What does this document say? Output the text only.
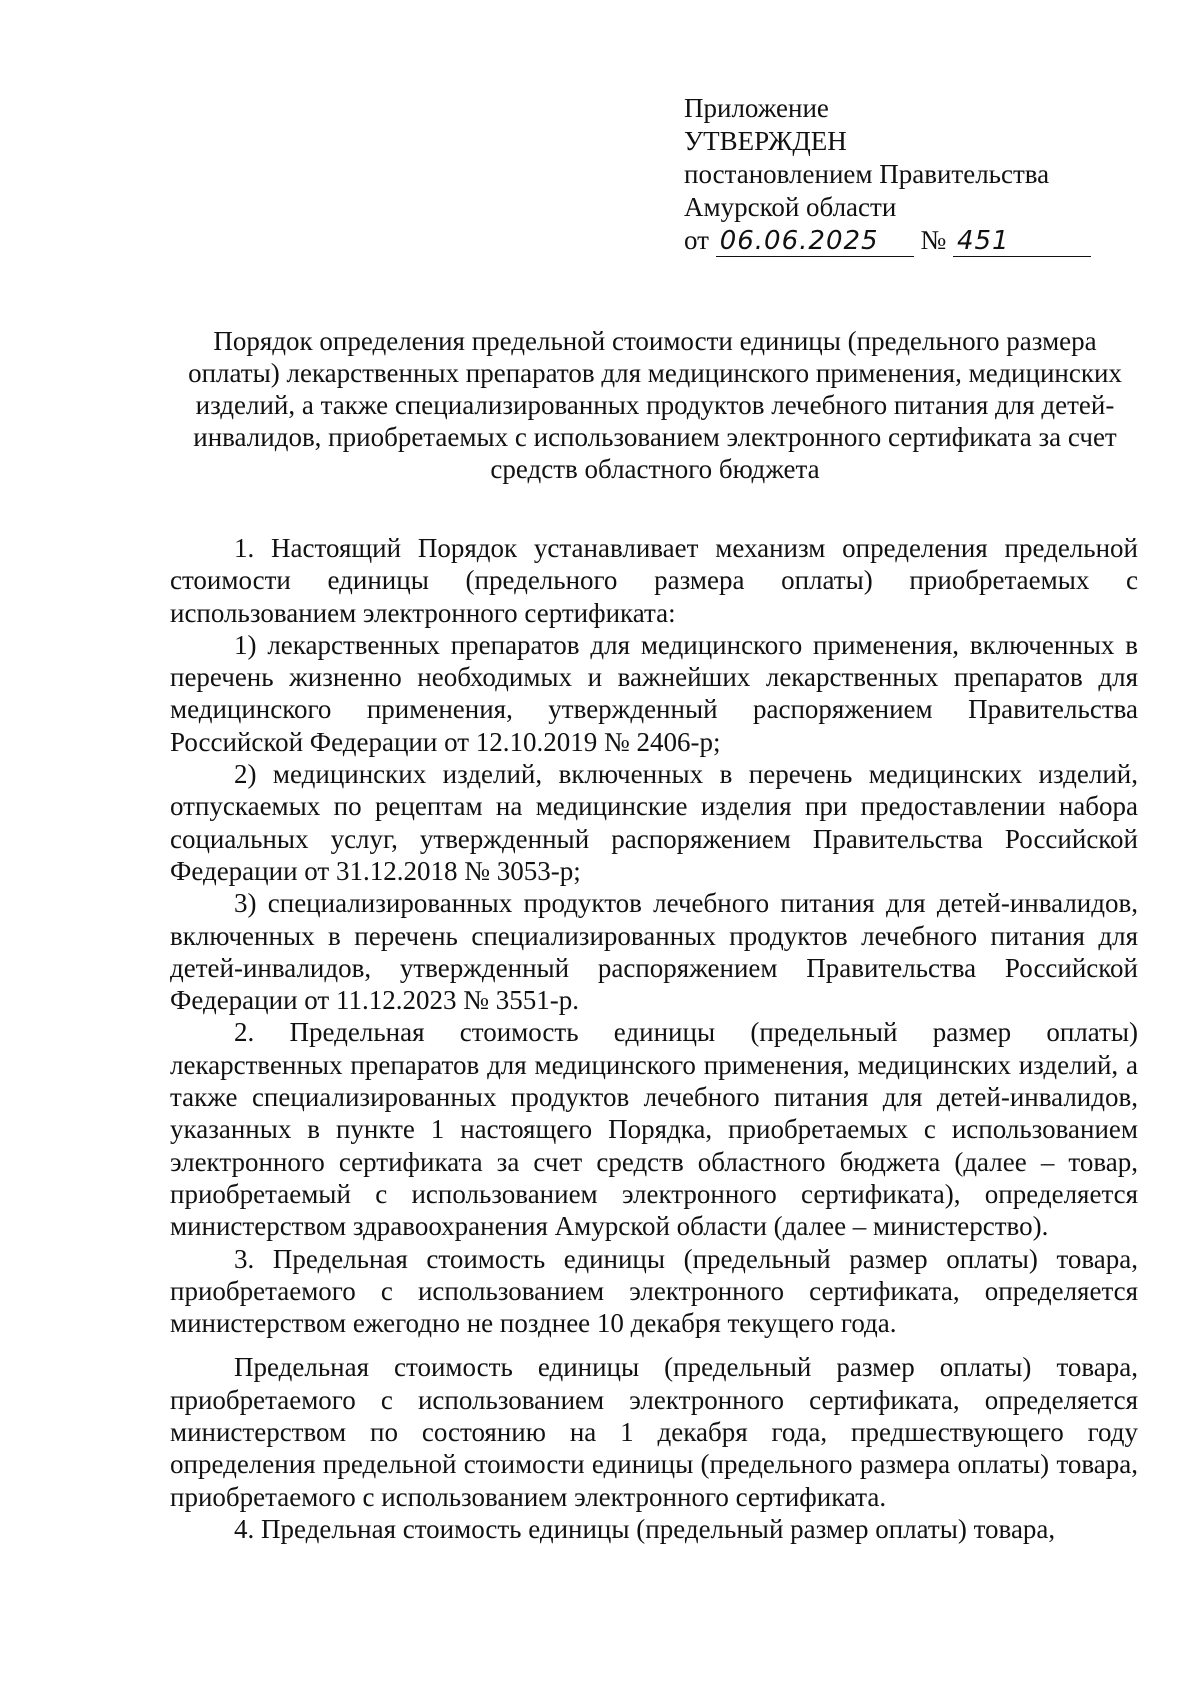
Приложение
УТВЕРЖДЕН
постановлением Правительства
Амурской области
от 06.06.2025 № 451
Порядок определения предельной стоимости единицы (предельного размера оплаты) лекарственных препаратов для медицинского применения, медицинских изделий, а также специализированных продуктов лечебного питания для детей-инвалидов, приобретаемых с использованием электронного сертификата за счет средств областного бюджета

1. Настоящий Порядок устанавливает механизм определения предельной стоимости единицы (предельного размера оплаты) приобретаемых с использованием электронного сертификата:

1) лекарственных препаратов для медицинского применения, включенных в перечень жизненно необходимых и важнейших лекарственных препаратов для медицинского применения, утвержденный распоряжением Правительства Российской Федерации от 12.10.2019 № 2406-р;

2) медицинских изделий, включенных в перечень медицинских изделий, отпускаемых по рецептам на медицинские изделия при предоставлении набора социальных услуг, утвержденный распоряжением Правительства Российской Федерации от 31.12.2018 № 3053-р;

3) специализированных продуктов лечебного питания для детей-инвалидов, включенных в перечень специализированных продуктов лечебного питания для детей-инвалидов, утвержденный распоряжением Правительства Российской Федерации от 11.12.2023 № 3551-р.

2. Предельная стоимость единицы (предельный размер оплаты) лекарственных препаратов для медицинского применения, медицинских изделий, а также специализированных продуктов лечебного питания для детей-инвалидов, указанных в пункте 1 настоящего Порядка, приобретаемых с использованием электронного сертификата за счет средств областного бюджета (далее – товар, приобретаемый с использованием электронного сертификата), определяется министерством здравоохранения Амурской области (далее – министерство).

3. Предельная стоимость единицы (предельный размер оплаты) товара, приобретаемого с использованием электронного сертификата, определяется министерством ежегодно не позднее 10 декабря текущего года.

Предельная стоимость единицы (предельный размер оплаты) товара, приобретаемого с использованием электронного сертификата, определяется министерством по состоянию на 1 декабря года, предшествующего году определения предельной стоимости единицы (предельного размера оплаты) товара, приобретаемого с использованием электронного сертификата.

4. Предельная стоимость единицы (предельный размер оплаты) товара,
